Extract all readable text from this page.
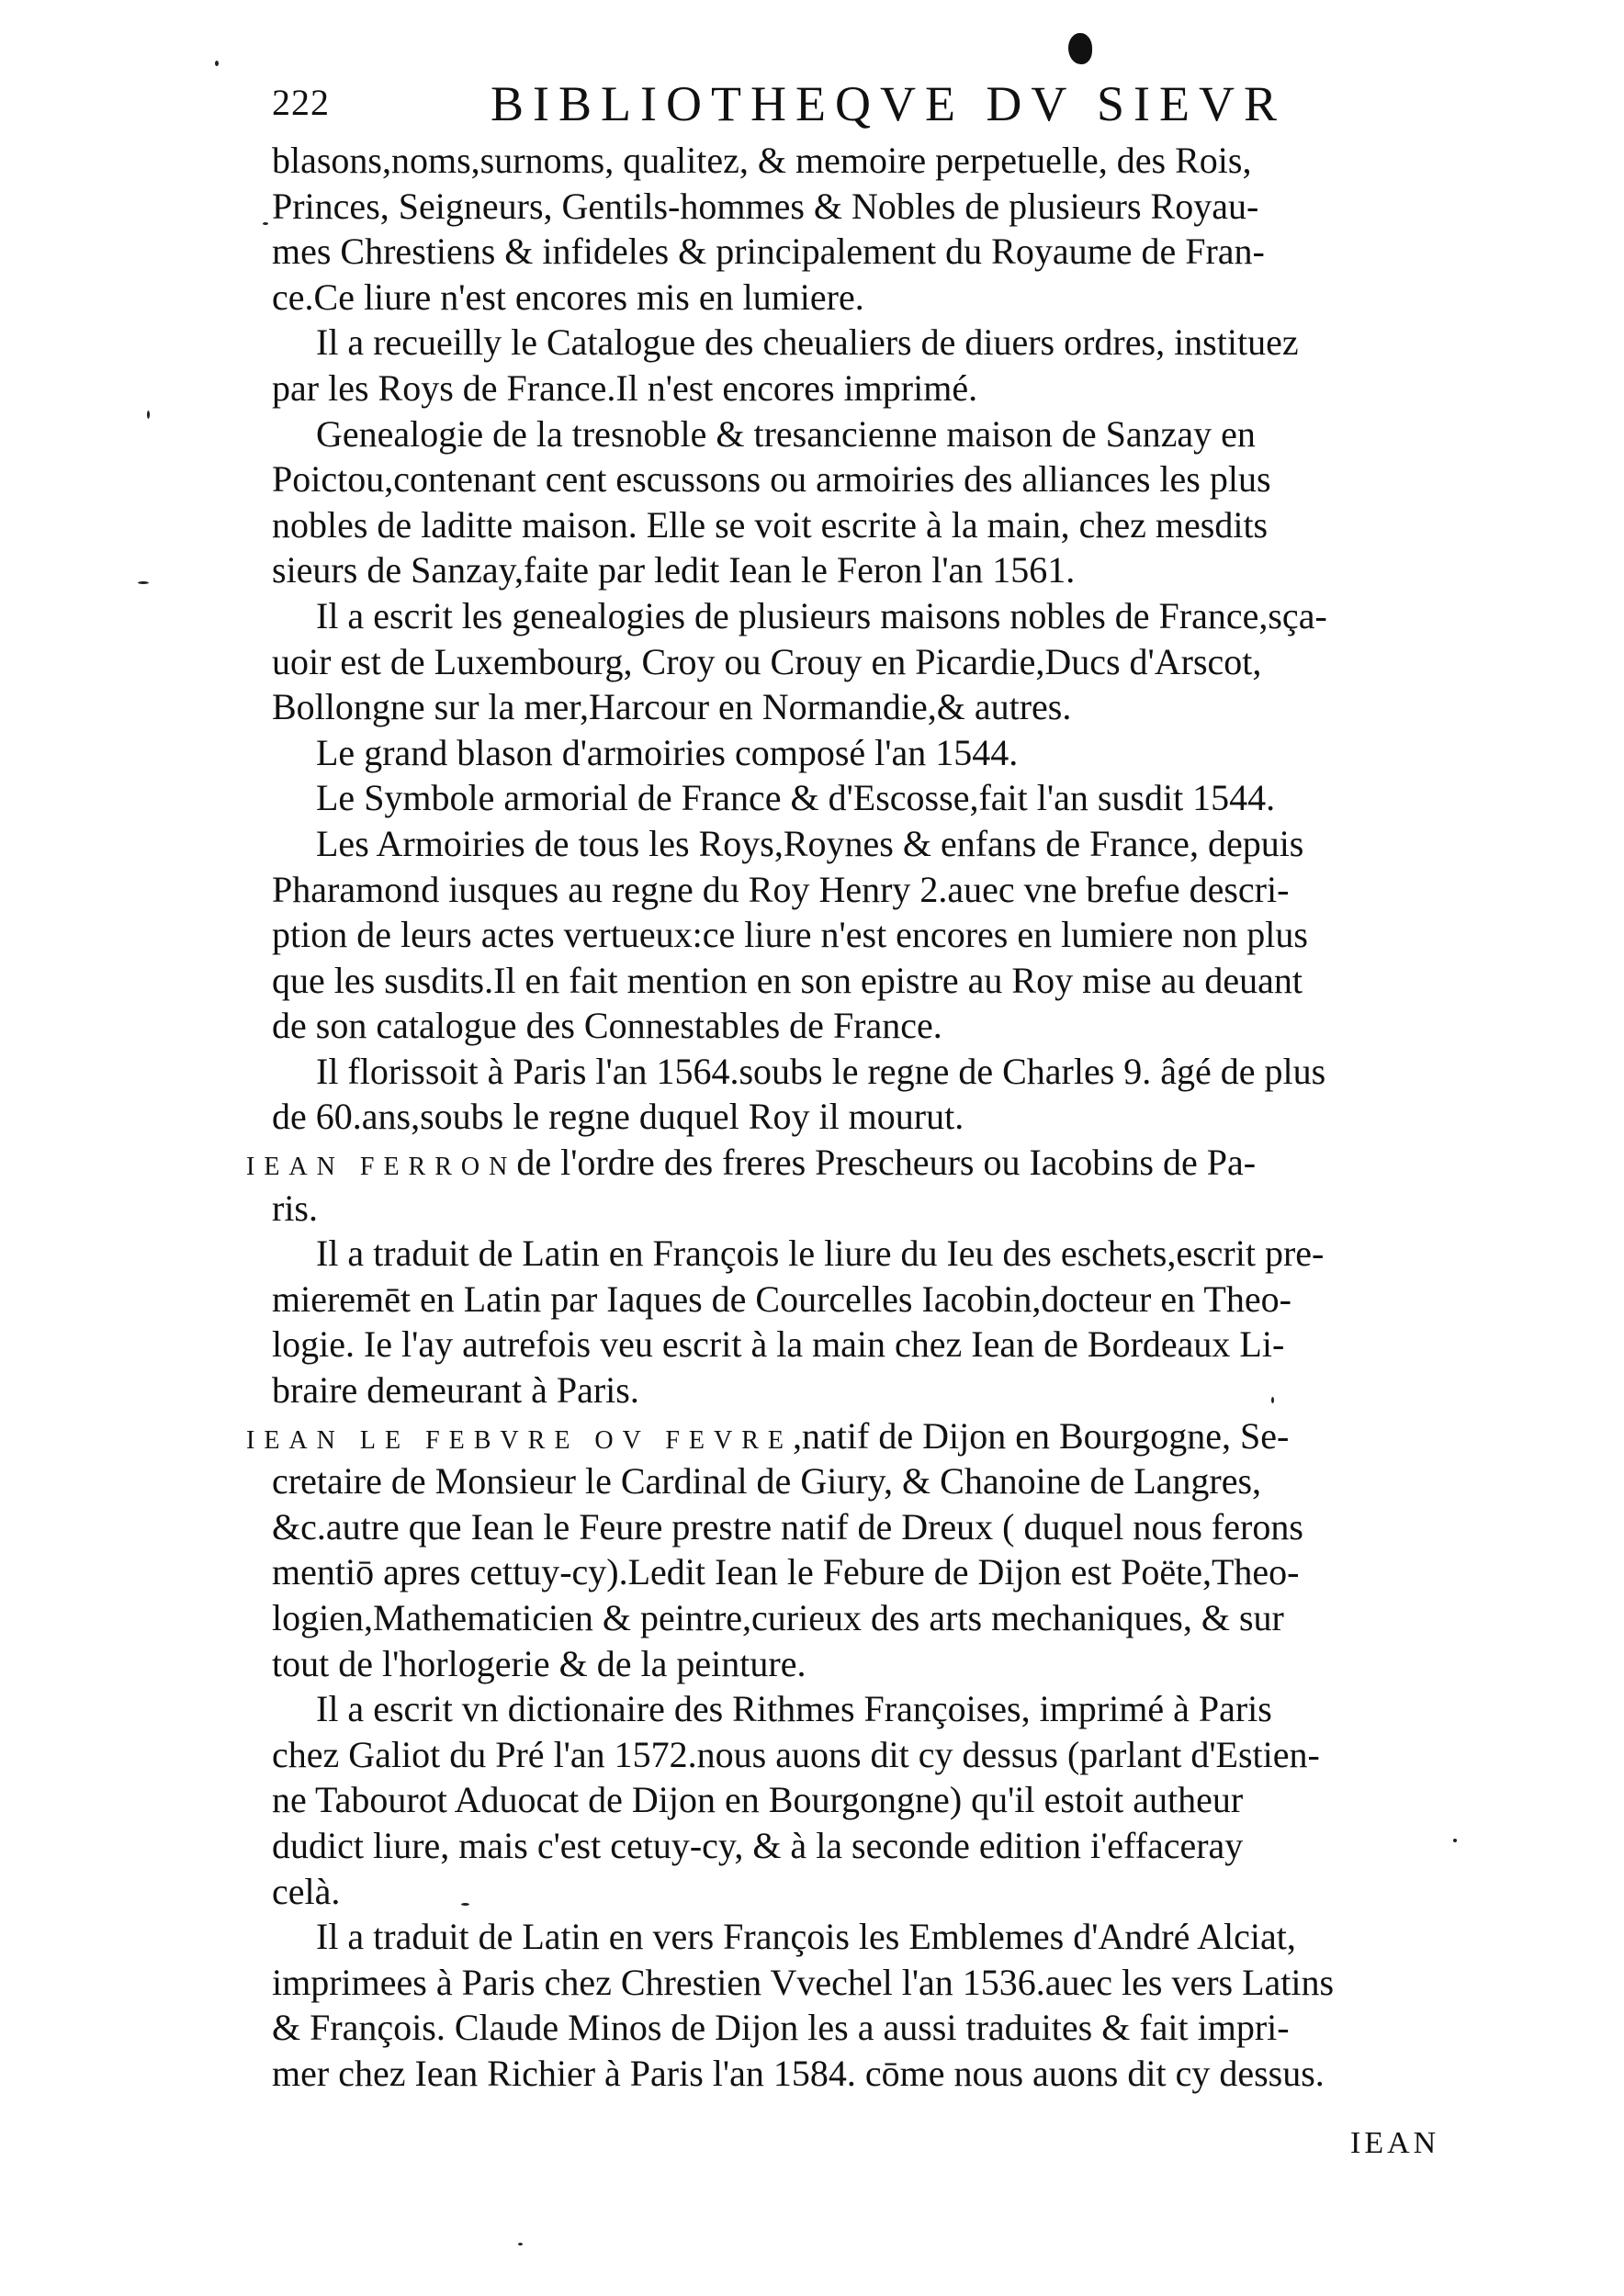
222	BIBLIOTHEQVE DV SIEVR
blasons,noms,surnoms, qualitez, & memoire perpetuelle, des Rois,
Princes, Seigneurs, Gentils-hommes & Nobles de plusieurs Royau-
mes Chrestiens & infideles & principalement du Royaume de Fran-
ce.Ce liure n'est encores mis en lumiere.
Il a recueilly le Catalogue des cheualiers de diuers ordres, instituez
par les Roys de France.Il n'est encores imprimé.
Genealogie de la tresnoble & tresancienne maison de Sanzay en
Poictou,contenant cent escussons ou armoiries des alliances les plus
nobles de laditte maison. Elle se voit escrite à la main, chez mesdits
sieurs de Sanzay,faite par ledit Iean le Feron l'an 1561.
Il a escrit les genealogies de plusieurs maisons nobles de France,sça-
uoir est de Luxembourg, Croy ou Crouy en Picardie,Ducs d'Arscot,
Bollongne sur la mer,Harcour en Normandie,& autres.
Le grand blason d'armoiries composé l'an 1544.
Le Symbole armorial de France & d'Escosse,fait l'an susdit 1544.
Les Armoiries de tous les Roys,Roynes & enfans de France, depuis
Pharamond iusques au regne du Roy Henry 2.auec vne brefue descri-
ption de leurs actes vertueux:ce liure n'est encores en lumiere non plus
que les susdits.Il en fait mention en son epistre au Roy mise au deuant
de son catalogue des Connestables de France.
Il florissoit à Paris l'an 1564.soubs le regne de Charles 9. âgé de plus
de 60.ans,soubs le regne duquel Roy il mourut.
IEAN FERRONde l'ordre des freres Prescheurs ou Iacobins de Pa-
ris.
Il a traduit de Latin en François le liure du Ieu des eschets,escrit pre-
mieremēt en Latin par Iaques de Courcelles Iacobin,docteur en Theo-
logie. Ie l'ay autrefois veu escrit à la main chez Iean de Bordeaux Li-
braire demeurant à Paris.
IEAN LE FEBVRE OV FEVRE,natif de Dijon en Bourgogne, Se-
cretaire de Monsieur le Cardinal de Giury, & Chanoine de Langres,
&c.autre que Iean le Feure prestre natif de Dreux ( duquel nous ferons
mentiō apres cettuy-cy).Ledit Iean le Febure de Dijon est Poëte,Theo-
logien,Mathematicien & peintre,curieux des arts mechaniques, & sur
tout de l'horlogerie & de la peinture.
Il a escrit vn dictionaire des Rithmes Françoises, imprimé à Paris
chez Galiot du Pré l'an 1572.nous auons dit cy dessus (parlant d'Estien-
ne Tabourot Aduocat de Dijon en Bourgongne) qu'il estoit autheur
dudict liure, mais c'est cetuy-cy, & à la seconde edition i'effaceray
celà.
Il a traduit de Latin en vers François les Emblemes d'André Alciat,
imprimees à Paris chez Chrestien Vvechel l'an 1536.auec les vers Latins
& François. Claude Minos de Dijon les a aussi traduites & fait impri-
mer chez Iean Richier à Paris l'an 1584. cōme nous auons dit cy dessus.
IEAN
